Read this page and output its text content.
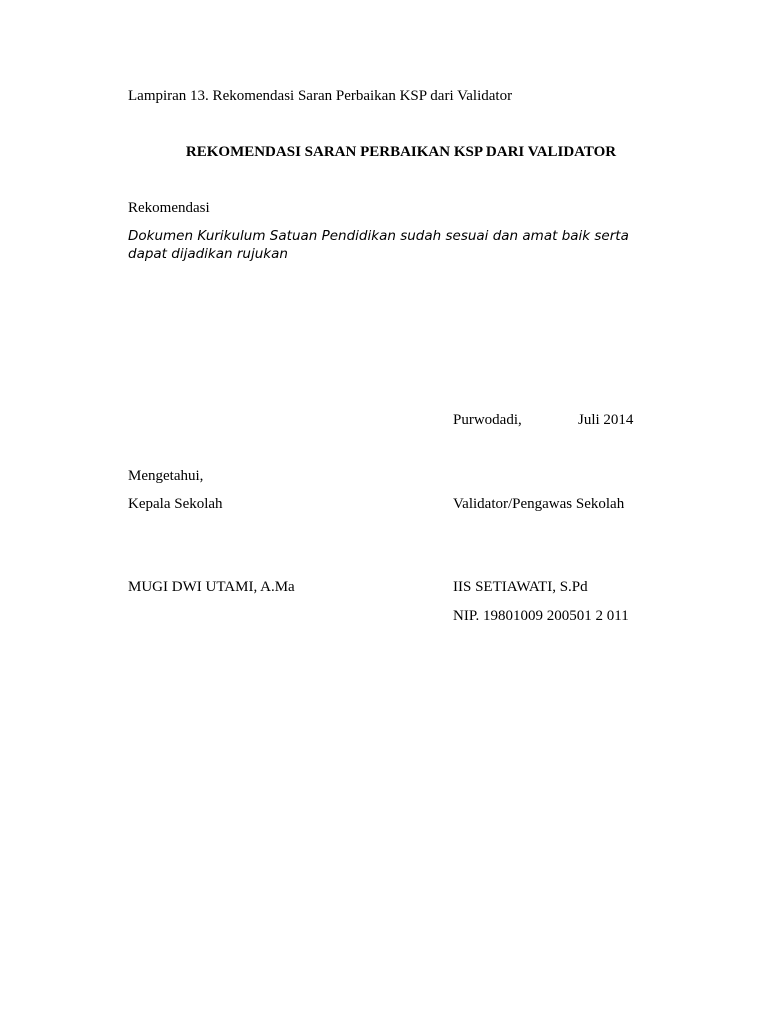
Lampiran 13. Rekomendasi Saran Perbaikan KSP dari Validator
REKOMENDASI SARAN PERBAIKAN KSP DARI VALIDATOR
Rekomendasi
Dokumen Kurikulum Satuan Pendidikan sudah sesuai dan amat baik serta dapat dijadikan rujukan
Purwodadi,	Juli 2014
Mengetahui,
Kepala Sekolah	Validator/Pengawas Sekolah
MUGI DWI UTAMI, A.Ma	IIS SETIAWATI, S.Pd
NIP. 19801009 200501 2 011
